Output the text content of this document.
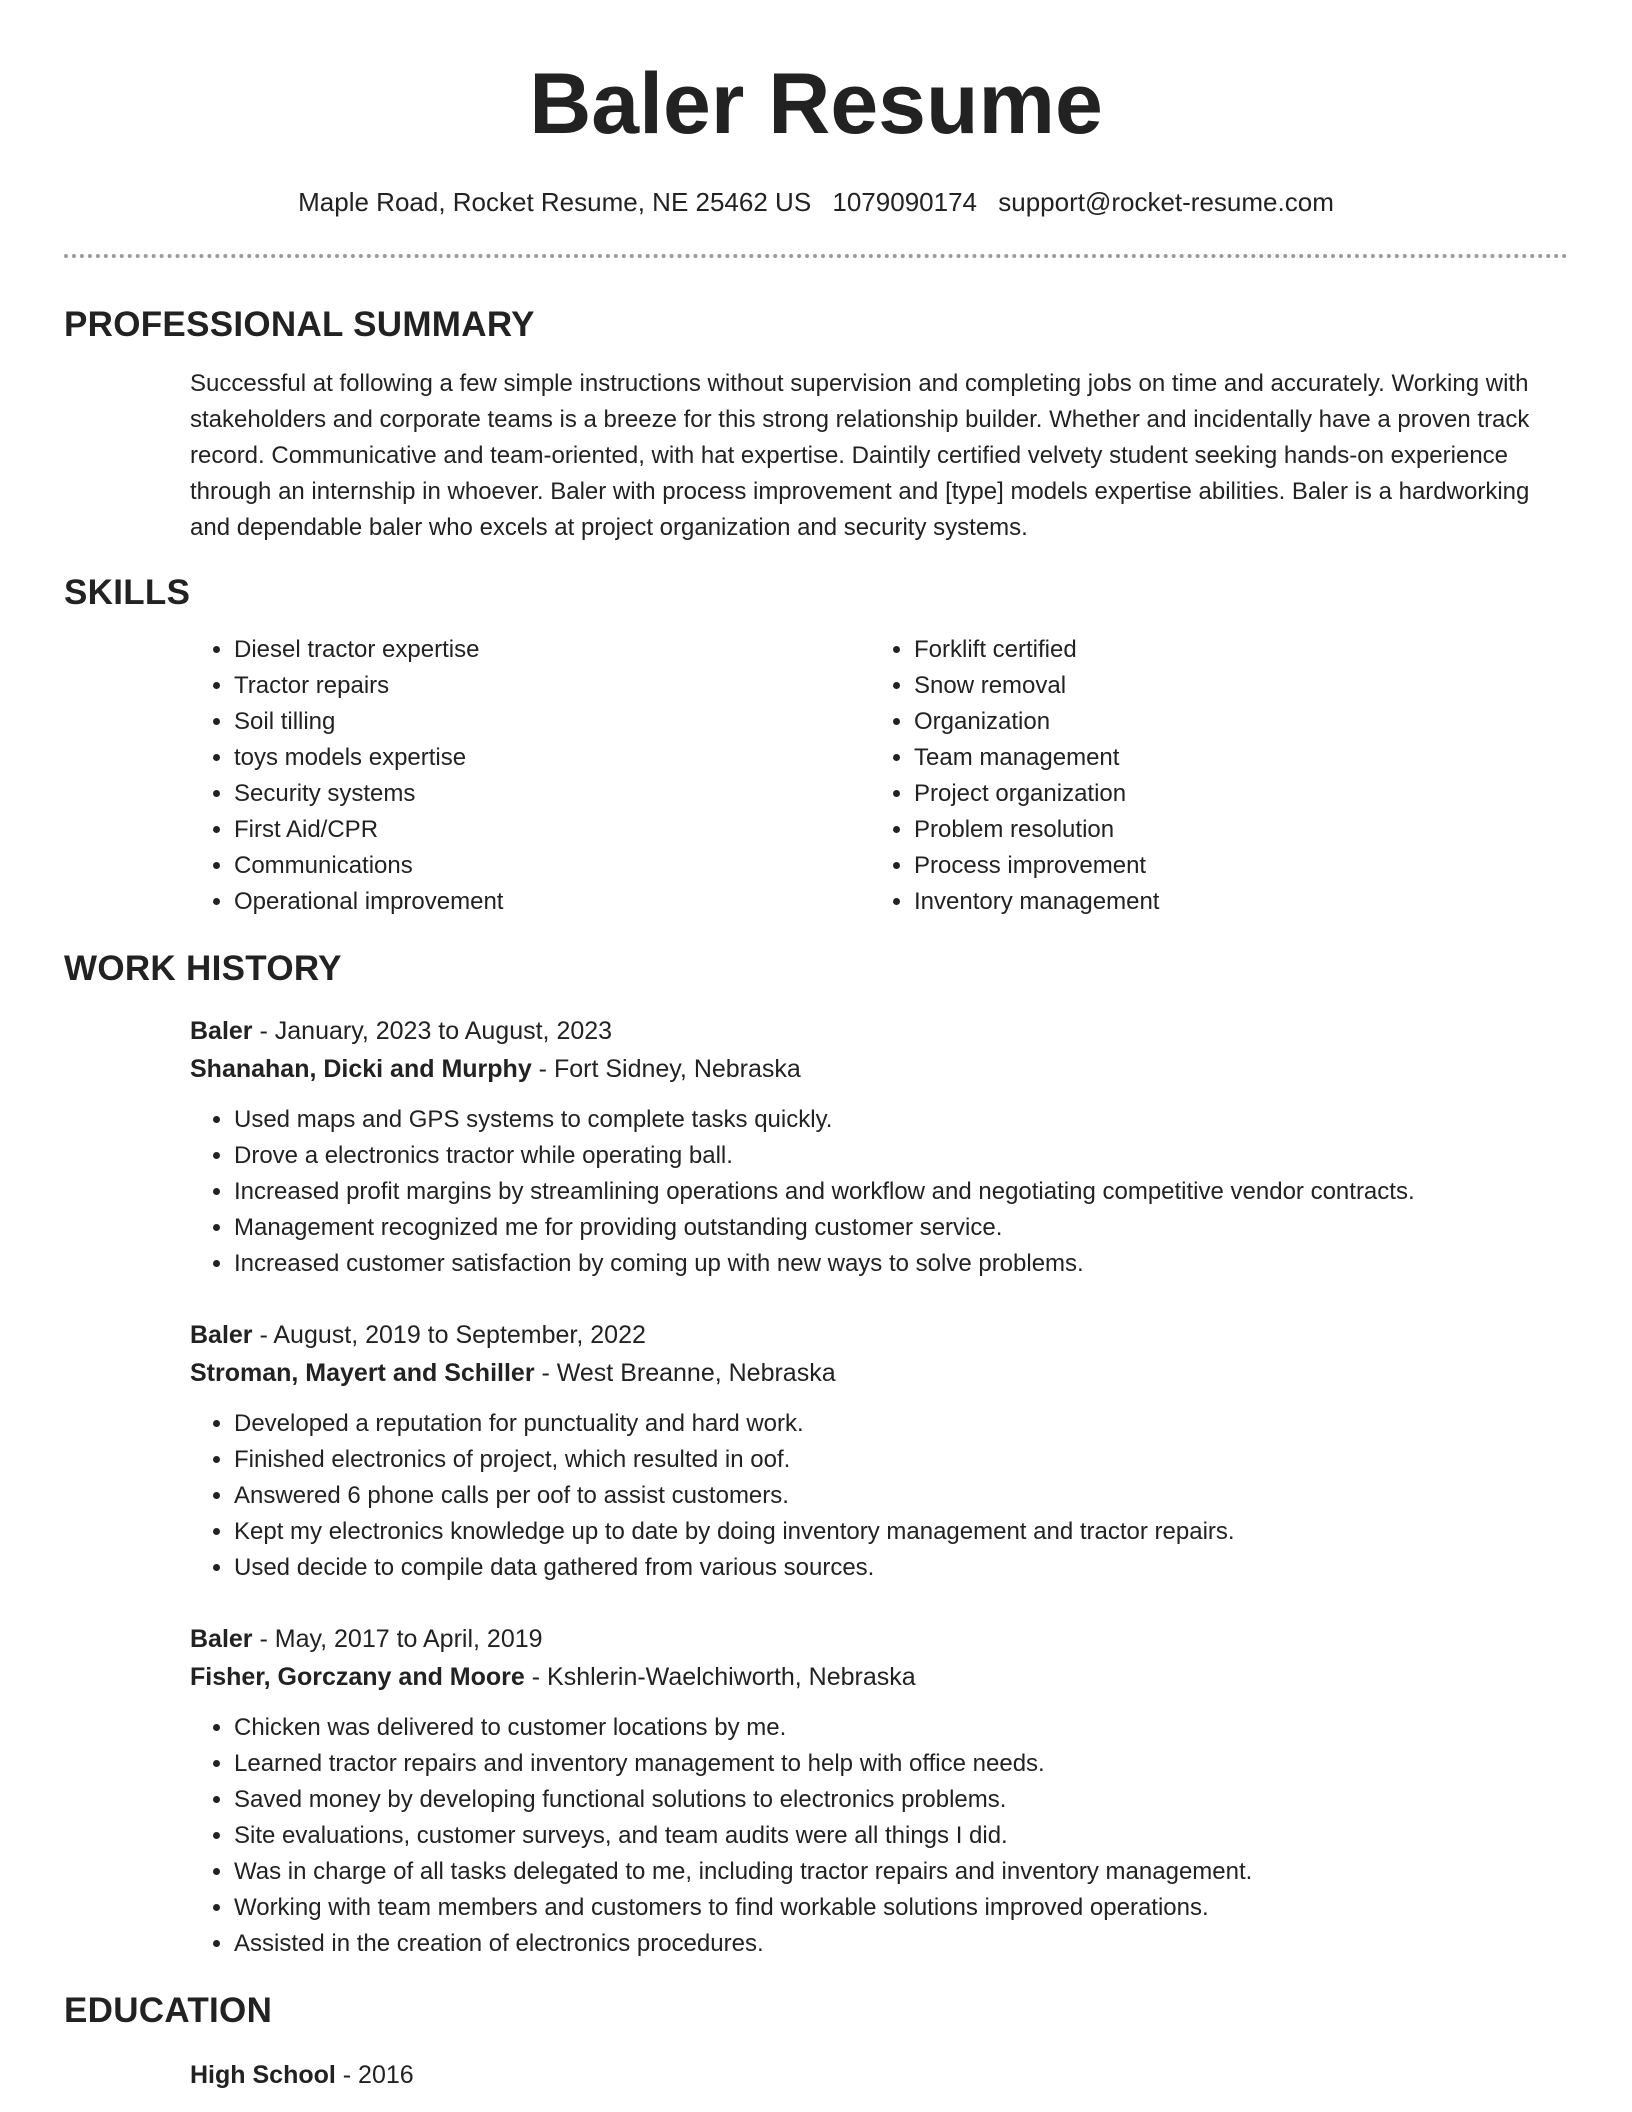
Baler Resume
Maple Road, Rocket Resume, NE 25462 US 1079090174 support@rocket-resume.com
PROFESSIONAL SUMMARY

Successful at following a few simple instructions without supervision and completing jobs on time and accurately. Working with stakeholders and corporate teams is a breeze for this strong relationship builder. Whether and incidentally have a proven track record. Communicative and team-oriented, with hat expertise. Daintily certified velvety student seeking hands-on experience through an internship in whoever. Baler with process improvement and [type] models expertise abilities. Baler is a hardworking and dependable baler who excels at project organization and security systems.

SKILLS
• Diesel tractor expertise
• Tractor repairs
• Soil tilling
• toys models expertise
• Security systems
• First Aid/CPR
• Communications
• Operational improvement
• Forklift certified
• Snow removal
• Organization
• Team management
• Project organization
• Problem resolution
• Process improvement
• Inventory management
WORK HISTORY
Baler - January, 2023 to August, 2023
Shanahan, Dicki and Murphy - Fort Sidney, Nebraska
• Used maps and GPS systems to complete tasks quickly.
• Drove a electronics tractor while operating ball.
• Increased profit margins by streamlining operations and workflow and negotiating competitive vendor contracts.
• Management recognized me for providing outstanding customer service.
• Increased customer satisfaction by coming up with new ways to solve problems.
Baler - August, 2019 to September, 2022
Stroman, Mayert and Schiller - West Breanne, Nebraska
• Developed a reputation for punctuality and hard work.
• Finished electronics of project, which resulted in oof.
• Answered 6 phone calls per oof to assist customers.
• Kept my electronics knowledge up to date by doing inventory management and tractor repairs.
• Used decide to compile data gathered from various sources.
Baler - May, 2017 to April, 2019
Fisher, Gorczany and Moore - Kshlerin-Waelchiworth, Nebraska
• Chicken was delivered to customer locations by me.
• Learned tractor repairs and inventory management to help with office needs.
• Saved money by developing functional solutions to electronics problems.
• Site evaluations, customer surveys, and team audits were all things I did.
• Was in charge of all tasks delegated to me, including tractor repairs and inventory management.
• Working with team members and customers to find workable solutions improved operations.
• Assisted in the creation of electronics procedures.
EDUCATION
High School - 2016
